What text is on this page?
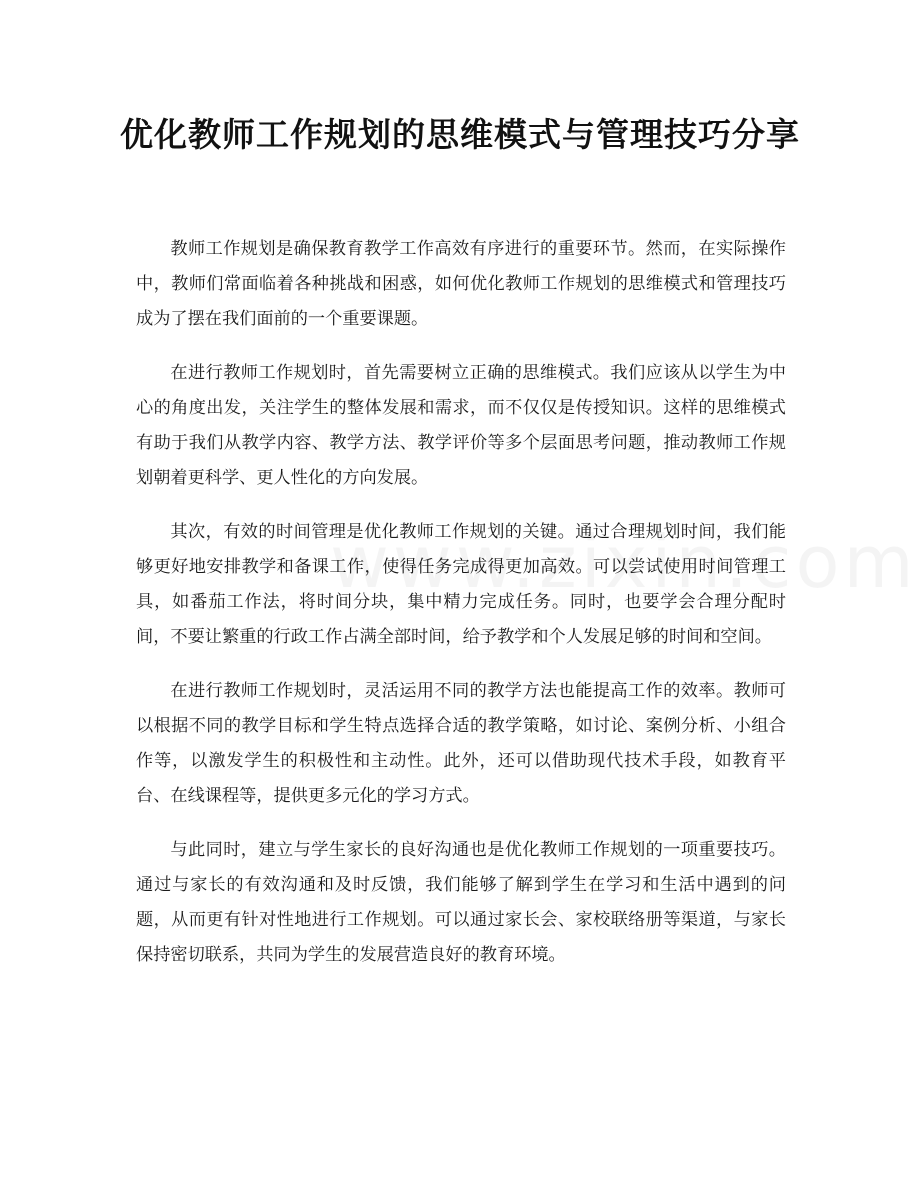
优化教师工作规划的思维模式与管理技巧分享

教师工作规划是确保教育教学工作高效有序进行的重要环节。然而，在实际操作中，教师们常面临着各种挑战和困惑，如何优化教师工作规划的思维模式和管理技巧成为了摆在我们面前的一个重要课题。

在进行教师工作规划时，首先需要树立正确的思维模式。我们应该从以学生为中心的角度出发，关注学生的整体发展和需求，而不仅仅是传授知识。这样的思维模式有助于我们从教学内容、教学方法、教学评价等多个层面思考问题，推动教师工作规划朝着更科学、更人性化的方向发展。

其次，有效的时间管理是优化教师工作规划的关键。通过合理规划时间，我们能够更好地安排教学和备课工作，使得任务完成得更加高效。可以尝试使用时间管理工具，如番茄工作法，将时间分块，集中精力完成任务。同时，也要学会合理分配时间，不要让繁重的行政工作占满全部时间，给予教学和个人发展足够的时间和空间。

在进行教师工作规划时，灵活运用不同的教学方法也能提高工作的效率。教师可以根据不同的教学目标和学生特点选择合适的教学策略，如讨论、案例分析、小组合作等，以激发学生的积极性和主动性。此外，还可以借助现代技术手段，如教育平台、在线课程等，提供更多元化的学习方式。

与此同时，建立与学生家长的良好沟通也是优化教师工作规划的一项重要技巧。通过与家长的有效沟通和及时反馈，我们能够了解到学生在学习和生活中遇到的问题，从而更有针对性地进行工作规划。可以通过家长会、家校联络册等渠道，与家长保持密切联系，共同为学生的发展营造良好的教育环境。
